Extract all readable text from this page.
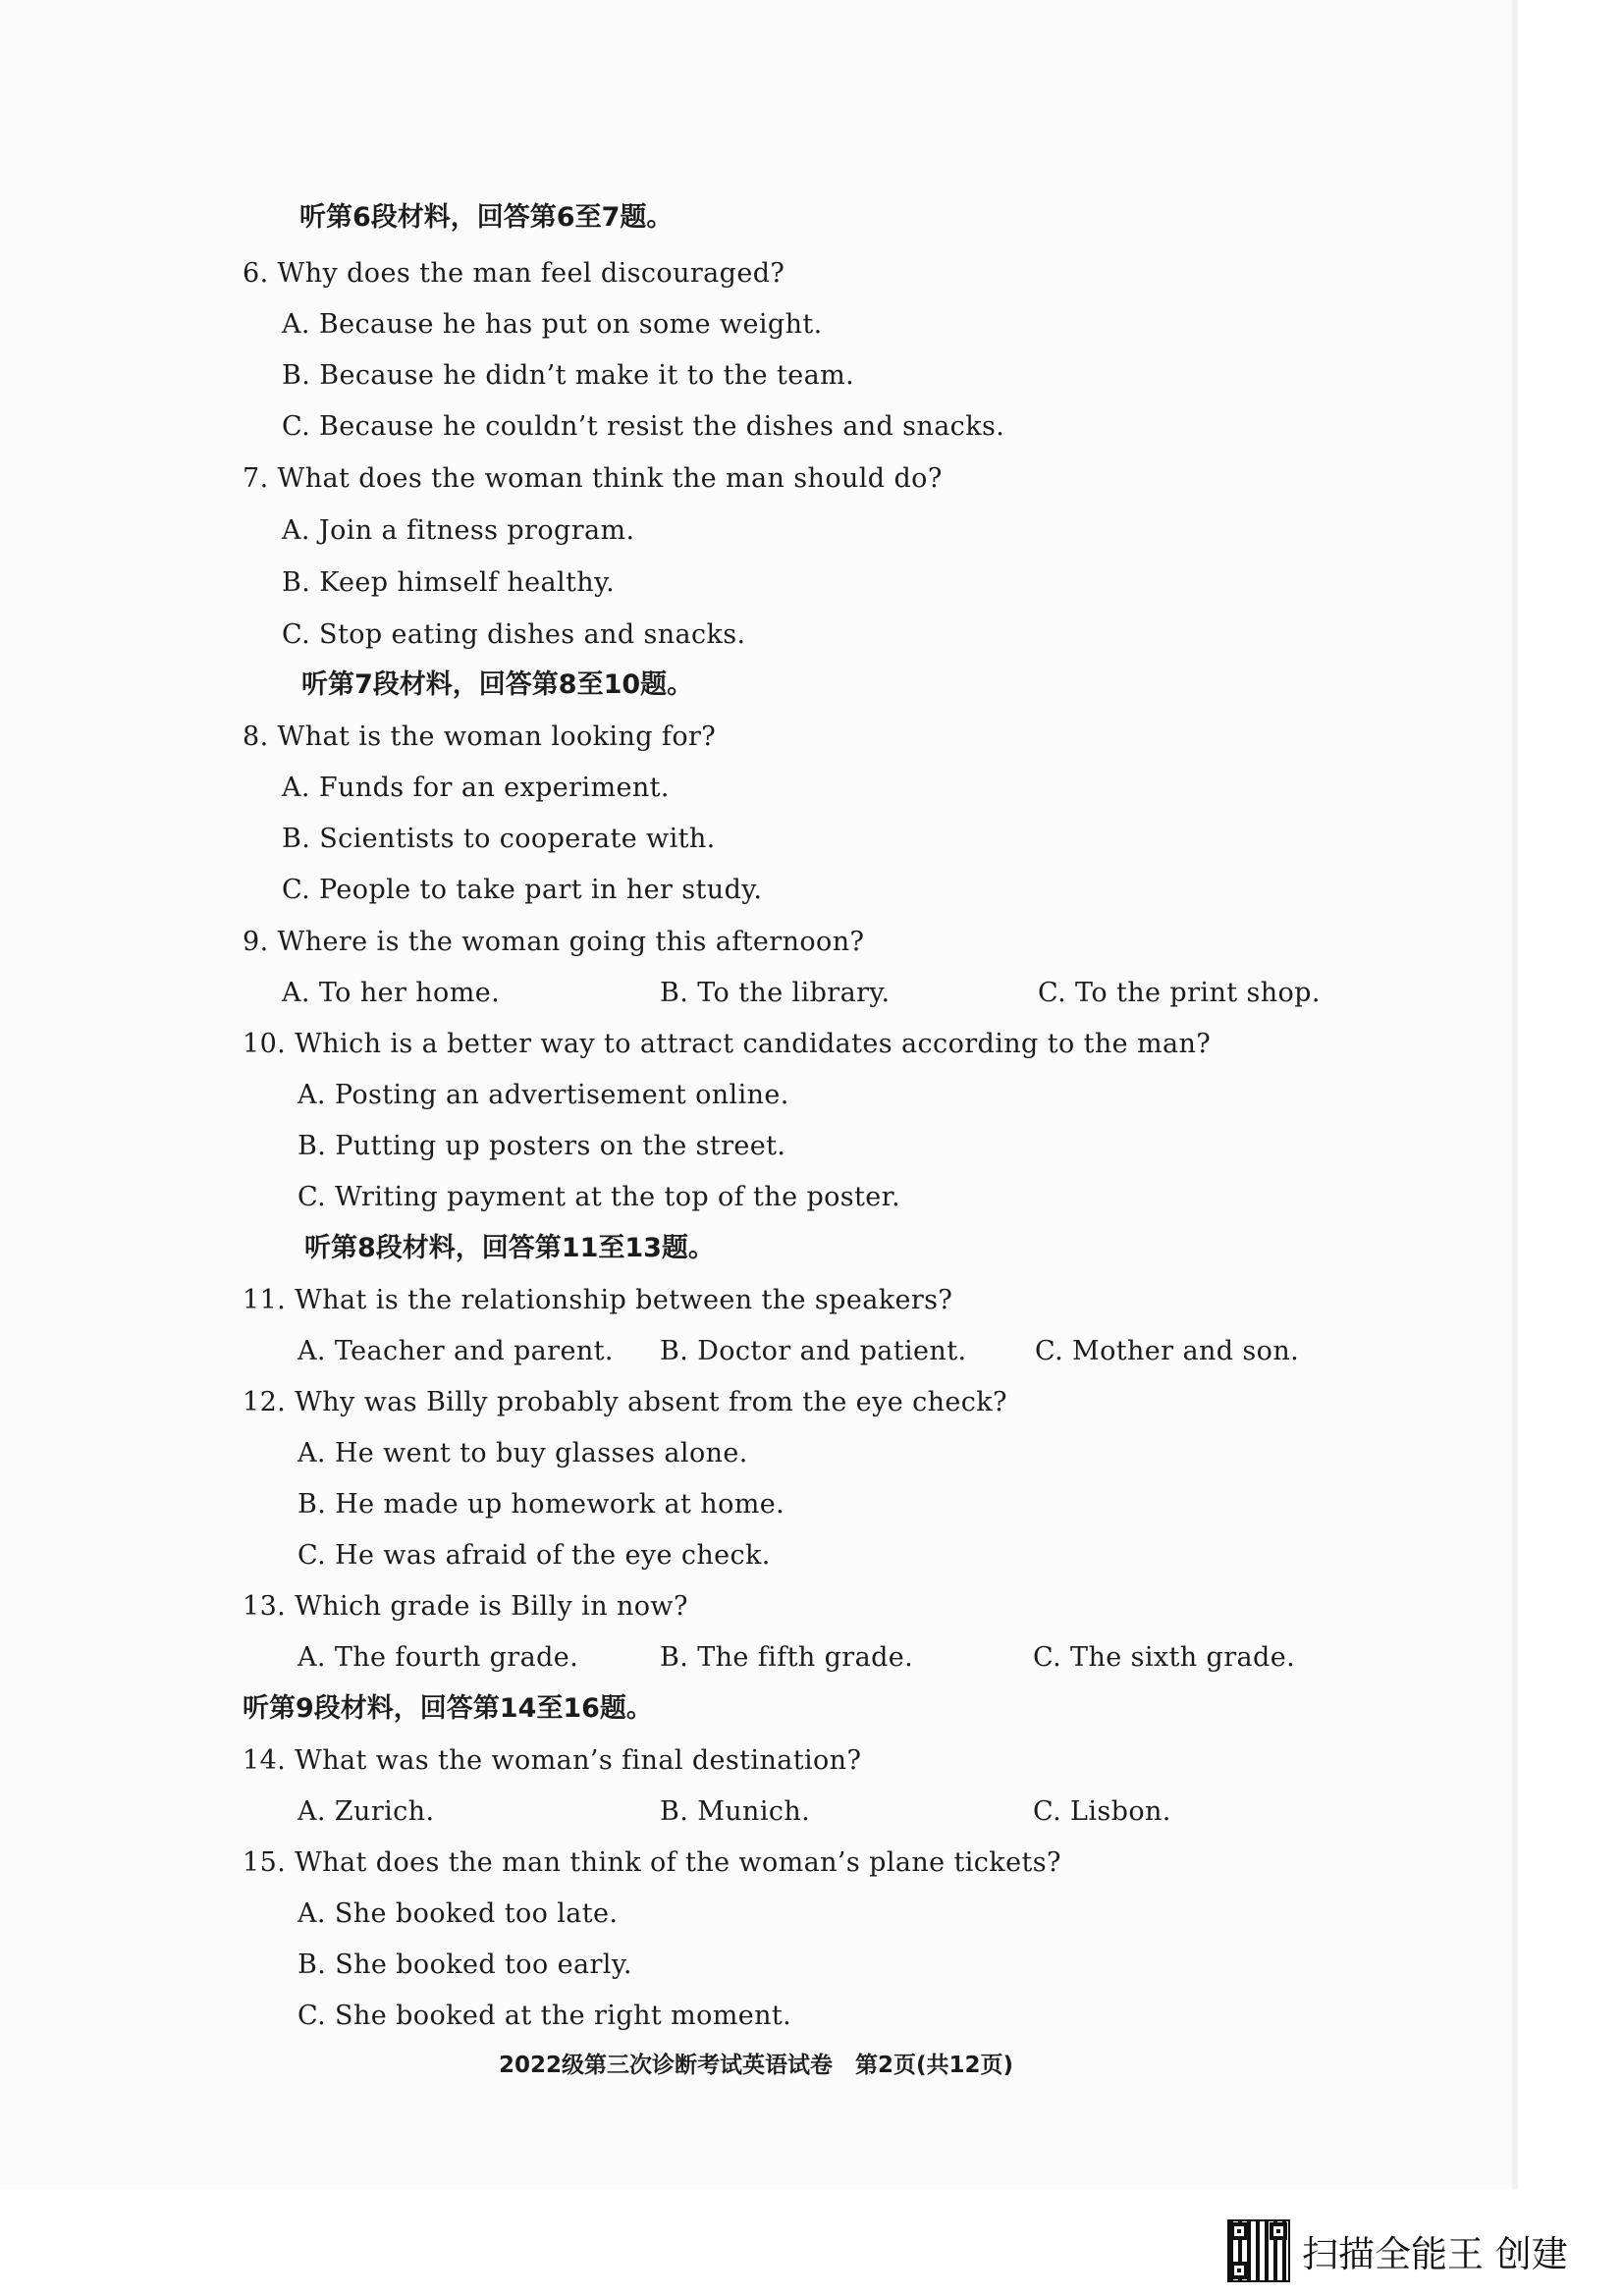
听第6段材料，回答第6至7题。
6. Why does the man feel discouraged?
A. Because he has put on some weight.
B. Because he didn’t make it to the team.
C. Because he couldn’t resist the dishes and snacks.
7. What does the woman think the man should do?
A. Join a fitness program.
B. Keep himself healthy.
C. Stop eating dishes and snacks.
听第7段材料，回答第8至10题。
8. What is the woman looking for?
A. Funds for an experiment.
B. Scientists to cooperate with.
C. People to take part in her study.
9. Where is the woman going this afternoon?
A. To her home.	B. To the library.	C. To the print shop.
10. Which is a better way to attract candidates according to the man?
A. Posting an advertisement online.
B. Putting up posters on the street.
C. Writing payment at the top of the poster.
听第8段材料，回答第11至13题。
11. What is the relationship between the speakers?
A. Teacher and parent. B. Doctor and patient.	C. Mother and son.
12. Why was Billy probably absent from the eye check?
A. He went to buy glasses alone.
B. He made up homework at home.
C. He was afraid of the eye check.
13. Which grade is Billy in now?
A. The fourth grade.	B. The fifth grade.	C. The sixth grade.
听第9段材料，回答第14至16题。
14. What was the woman’s final destination?
A. Zurich.	B. Munich.	C. Lisbon.
15. What does the man think of the woman’s plane tickets?
A. She booked too late.
B. She booked too early.
C. She booked at the right moment.
2022级第三次诊断考试英语试卷　第2页(共12页)
扫描全能王 创建
